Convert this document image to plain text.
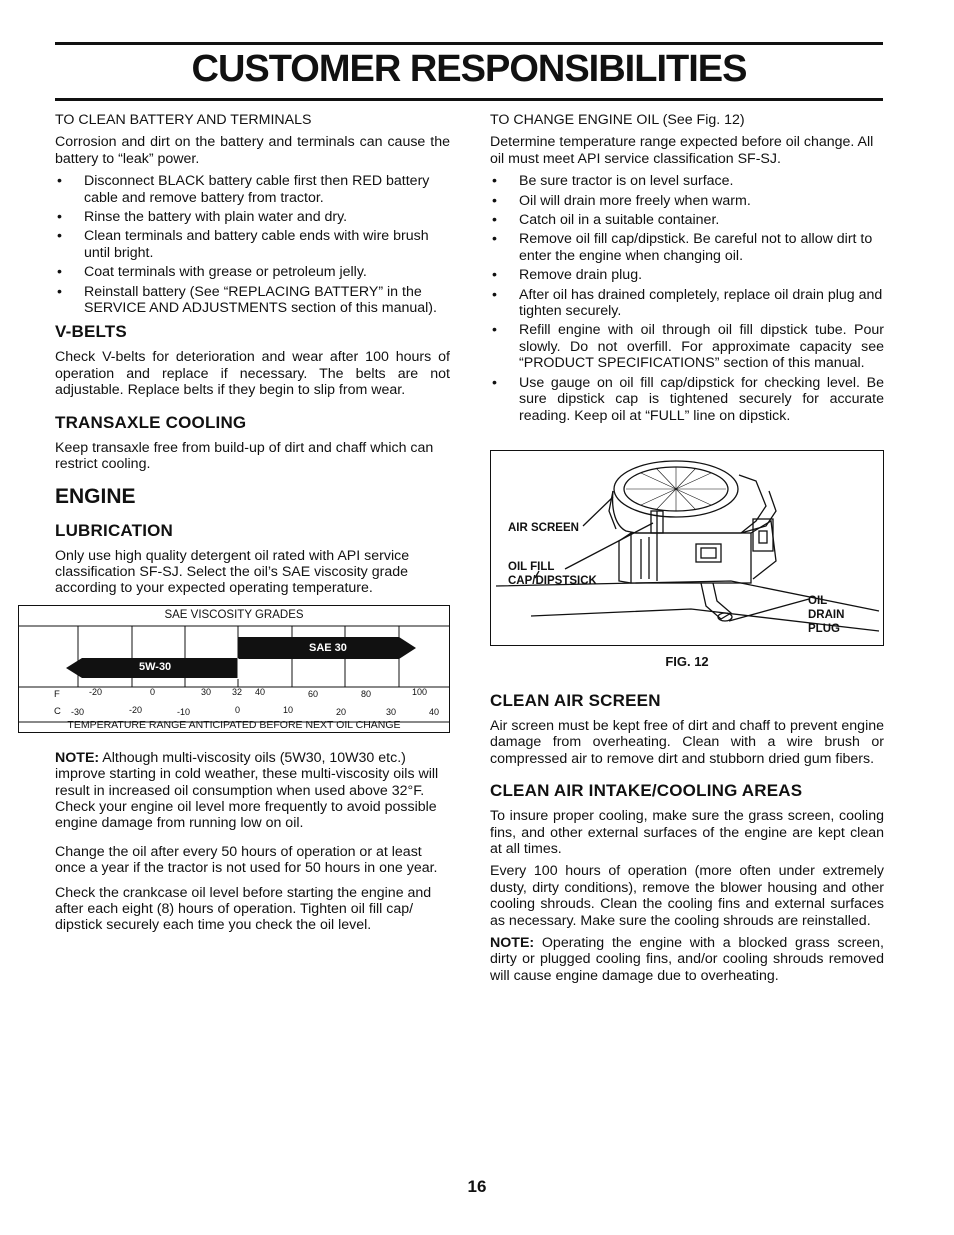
CUSTOMER RESPONSIBILITIES
TO CLEAN BATTERY AND TERMINALS

Corrosion and dirt on the battery and terminals can cause the battery to “leak” power.

• Disconnect BLACK battery cable first then RED battery cable and remove battery from tractor.
• Rinse the battery with plain water and dry.
• Clean terminals and battery cable ends with wire brush until bright.
• Coat terminals with grease or petroleum jelly.
• Reinstall battery (See “REPLACING BATTERY” in the SERVICE AND ADJUSTMENTS section of this manual).
V-BELTS

Check V-belts for deterioration and wear after 100 hours of operation and replace if necessary. The belts are not adjustable. Replace belts if they begin to slip from wear.

TRANSAXLE COOLING

Keep transaxle free from build-up of dirt and chaff which can restrict cooling.

ENGINE
LUBRICATION

Only use high quality detergent oil rated with API service classification SF-SJ. Select the oil’s SAE viscosity grade according to your expected operating temperature.

SAE VISCOSITY GRADES
SAE 30
5W-30
F
C
-20	0	30 32 40	60	80	100
-30	-20	-10	0	10	20	30	40
TEMPERATURE RANGE ANTICIPATED BEFORE NEXT OIL CHANGE

NOTE: Although multi-viscosity oils (5W30, 10W30 etc.) improve starting in cold weather, these multi-viscosity oils will result in increased oil consumption when used above 32°F. Check your engine oil level more frequently to avoid possible engine damage from running low on oil.

Change the oil after every 50 hours of operation or at least once a year if the tractor is not used for 50 hours in one year.

Check the crankcase oil level before starting the engine and after each eight (8) hours of operation. Tighten oil fill cap/ dipstick securely each time you check the oil level.

TO CHANGE ENGINE OIL (See Fig. 12)

Determine temperature range expected before oil change. All oil must meet API service classification SF-SJ.

• Be sure tractor is on level surface.
• Oil will drain more freely when warm.
• Catch oil in a suitable container.
• Remove oil fill cap/dipstick. Be careful not to allow dirt to enter the engine when changing oil.
• Remove drain plug.
• After oil has drained completely, replace oil drain plug and tighten securely.
• Refill engine with oil through oil fill dipstick tube. Pour slowly. Do not overfill. For approximate capacity see “PRODUCT SPECIFICATIONS” section of this manual.
• Use gauge on oil fill cap/dipstick for checking level. Be sure dipstick cap is tightened securely for accurate reading. Keep oil at “FULL” line on dipstick.
AIR SCREEN
OIL FILL
CAP/DIPSTSICK
OIL
DRAIN
PLUG
FIG. 12
CLEAN AIR SCREEN

Air screen must be kept free of dirt and chaff to prevent engine damage from overheating. Clean with a wire brush or compressed air to remove dirt and stubborn dried gum fibers.

CLEAN AIR INTAKE/COOLING AREAS

To insure proper cooling, make sure the grass screen, cooling fins, and other external surfaces of the engine are kept clean at all times.

Every 100 hours of operation (more often under extremely dusty, dirty conditions), remove the blower housing and other cooling shrouds. Clean the cooling fins and external surfaces as necessary. Make sure the cooling shrouds are reinstalled.

NOTE: Operating the engine with a blocked grass screen, dirty or plugged cooling fins, and/or cooling shrouds removed will cause engine damage due to overheating.

16
